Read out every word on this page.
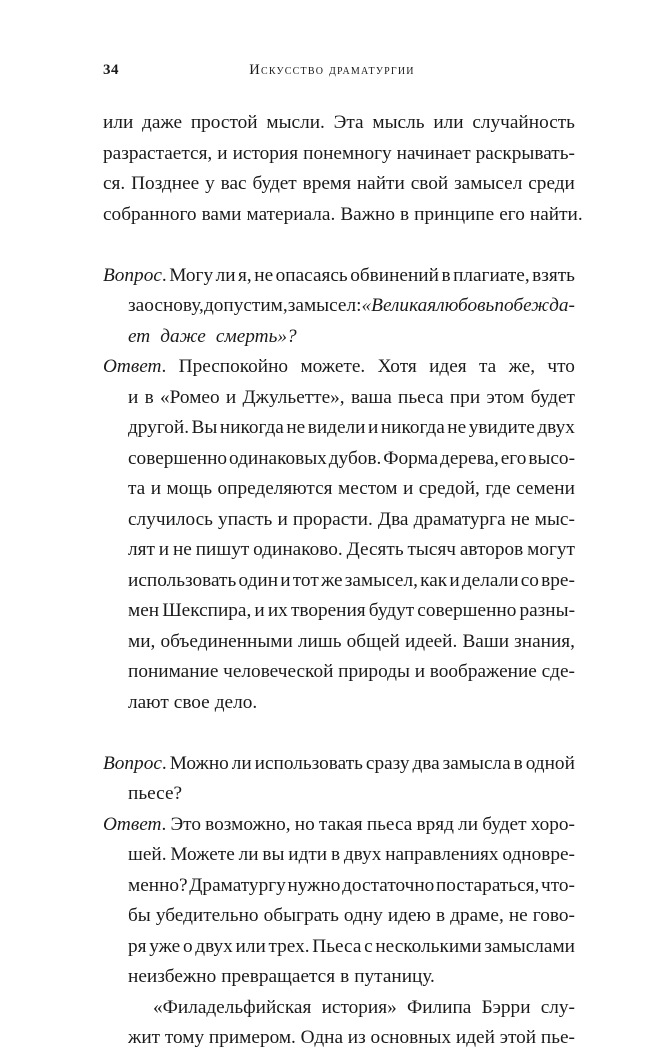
34	Искусство драматургии
или даже простой мысли. Эта мысль или случайность
разрастается, и история понемногу начинает раскрывать-
ся. Позднее у вас будет время найти свой замысел среди
собранного вами материала. Важно в принципе его найти.
Вопрос. Могу ли я, не опасаясь обвинений в плагиате, взять
за основу, допустим, замысел: «Великая любовь побеждa-
ет даже смерть»?
Ответ. Преспокойно можете. Хотя идея та же, что
и в «Ромео и Джульетте», ваша пьеса при этом будет
другой. Вы никогда не видели и никогда не увидите двух
совершенно одинаковых дубов. Форма дерева, его высо-
та и мощь определяются местом и средой, где семени
случилось упасть и прорасти. Два драматурга не мыс-
лят и не пишут одинаково. Десять тысяч авторов могут
использовать один и тот же замысел, как и делали со вре-
мен Шекспира, и их творения будут совершенно разны-
ми, объединенными лишь общей идеей. Ваши знания,
понимание человеческой природы и воображение сде-
лают свое дело.
Вопрос. Можно ли использовать сразу два замысла в одной
пьесе?
Ответ. Это возможно, но такая пьеса вряд ли будет хоро-
шей. Можете ли вы идти в двух направлениях одновре-
менно? Драматургу нужно достаточно постараться, что-
бы убедительно обыграть одну идею в драме, не гово-
ря уже о двух или трех. Пьеса с несколькими замыслами
неизбежно превращается в путаницу.
«Филадельфийская история» Филипа Бэрри слу-
жит тому примером. Одна из основных идей этой пье-
